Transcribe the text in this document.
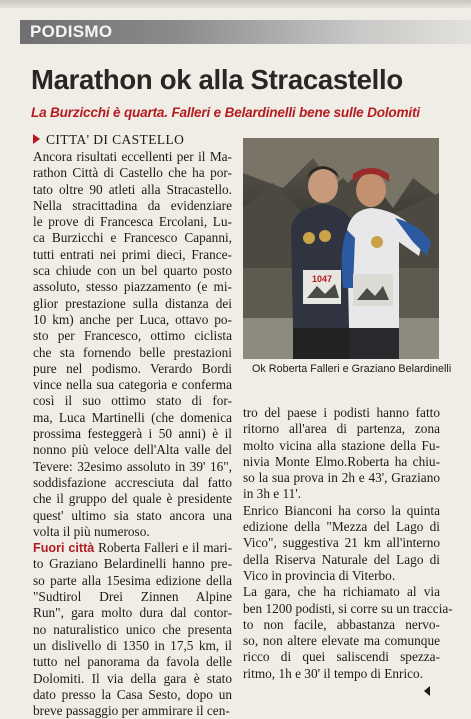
PODISMO
Marathon ok alla Stracastello
La Burzicchi è quarta. Falleri e Belardinelli bene sulle Dolomiti
CITTA' DI CASTELLO
Ancora risultati eccellenti per il Ma-
rathon Città di Castello che ha por-
tato oltre 90 atleti alla Stracastello.
Nella stracittadina da evidenziare
le prove di Francesca Ercolani, Lu-
ca Burzicchi e Francesco Capanni,
tutti entrati nei primi dieci, France-
sca chiude con un bel quarto posto
assoluto, stesso piazzamento (e mi-
glior prestazione sulla distanza dei
10 km) anche per Luca, ottavo po-
sto per Francesco, ottimo ciclista
che sta fornendo belle prestazioni
pure nel podismo. Verardo Bordi
vince nella sua categoria e conferma
così il suo ottimo stato di for-
ma, Luca Martinelli (che domenica
prossima festeggerà i 50 anni) è il
nonno più veloce dell'Alta valle del
Tevere: 32esimo assoluto in 39' 16",
soddisfazione accresciuta dal fatto
che il gruppo del quale è presidente
quest' ultimo sia stato ancora una
volta il più numeroso.
Fuori città Roberta Falleri e il mari-
to Graziano Belardinelli hanno pre-
so parte alla 15esima edizione della
"Sudtirol Drei Zinnen Alpine
Run", gara molto dura dal contor-
no naturalistico unico che presenta
un dislivello di 1350 in 17,5 km, il
tutto nel panorama da favola delle
Dolomiti. Il via della gara è stato
dato presso la Casa Sesto, dopo un
breve passaggio per ammirare il cen-
1047
Ok Roberta Falleri e Graziano Belardinelli
tro del paese i podisti hanno fatto
ritorno all'area di partenza, zona
molto vicina alla stazione della Fu-
nivia Monte Elmo.Roberta ha chiu-
so la sua prova in 2h e 43', Graziano
in 3h e 11'.
Enrico Bianconi ha corso la quinta
edizione della "Mezza del Lago di
Vico", suggestiva 21 km all'interno
della Riserva Naturale del Lago di
Vico in provincia di Viterbo.
La gara, che ha richiamato al via
ben 1200 podisti, si corre su un traccia-
to non facile, abbastanza nervo-
so, non altere elevate ma comunque
ricco di quei saliscendi spezza-
ritmo, 1h e 30' il tempo di Enrico.
